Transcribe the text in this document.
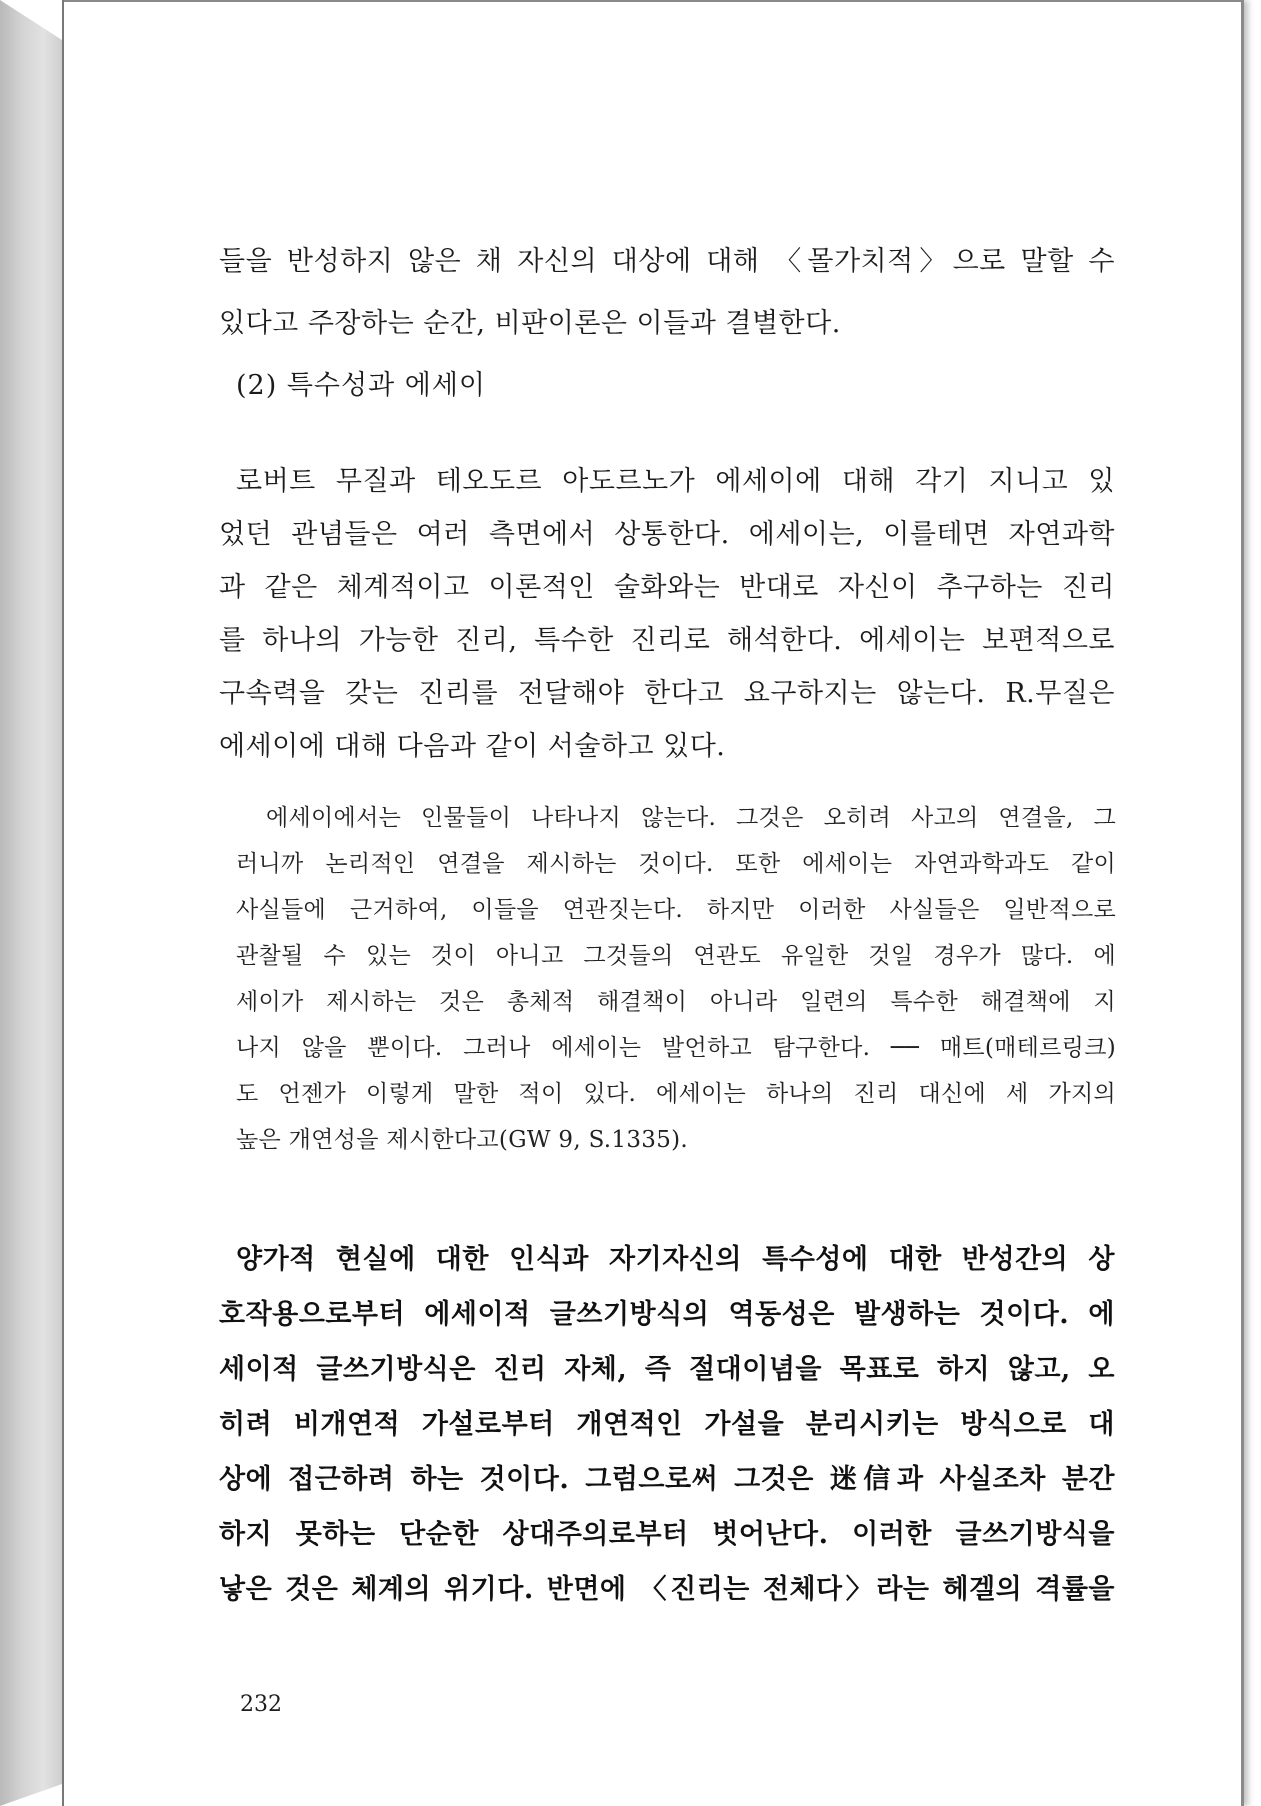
들을 반성하지 않은 채 자신의 대상에 대해 〈몰가치적〉으로 말할 수
있다고 주장하는 순간, 비판이론은 이들과 결별한다.
(2) 특수성과 에세이
로버트 무질과 테오도르 아도르노가 에세이에 대해 각기 지니고 있
었던 관념들은 여러 측면에서 상통한다. 에세이는, 이를테면 자연과학
과 같은 체계적이고 이론적인 술화와는 반대로 자신이 추구하는 진리
를 하나의 가능한 진리, 특수한 진리로 해석한다. 에세이는 보편적으로
구속력을 갖는 진리를 전달해야 한다고 요구하지는 않는다. R.무질은
에세이에 대해 다음과 같이 서술하고 있다.
에세이에서는 인물들이 나타나지 않는다. 그것은 오히려 사고의 연결을, 그
러니까 논리적인 연결을 제시하는 것이다. 또한 에세이는 자연과학과도 같이
사실들에 근거하여, 이들을 연관짓는다. 하지만 이러한 사실들은 일반적으로
관찰될 수 있는 것이 아니고 그것들의 연관도 유일한 것일 경우가 많다. 에
세이가 제시하는 것은 총체적 해결책이 아니라 일련의 특수한 해결책에 지
나지 않을 뿐이다. 그러나 에세이는 발언하고 탐구한다. ── 매트(매테르링크)
도 언젠가 이렇게 말한 적이 있다. 에세이는 하나의 진리 대신에 세 가지의
높은 개연성을 제시한다고(GW 9, S.1335).
양가적 현실에 대한 인식과 자기자신의 특수성에 대한 반성간의 상
호작용으로부터 에세이적 글쓰기방식의 역동성은 발생하는 것이다. 에
세이적 글쓰기방식은 진리 자체, 즉 절대이념을 목표로 하지 않고, 오
히려 비개연적 가설로부터 개연적인 가설을 분리시키는 방식으로 대
상에 접근하려 하는 것이다. 그럼으로써 그것은 迷信과 사실조차 분간
하지 못하는 단순한 상대주의로부터 벗어난다. 이러한 글쓰기방식을
낳은 것은 체계의 위기다. 반면에 〈진리는 전체다〉라는 헤겔의 격률을
232
